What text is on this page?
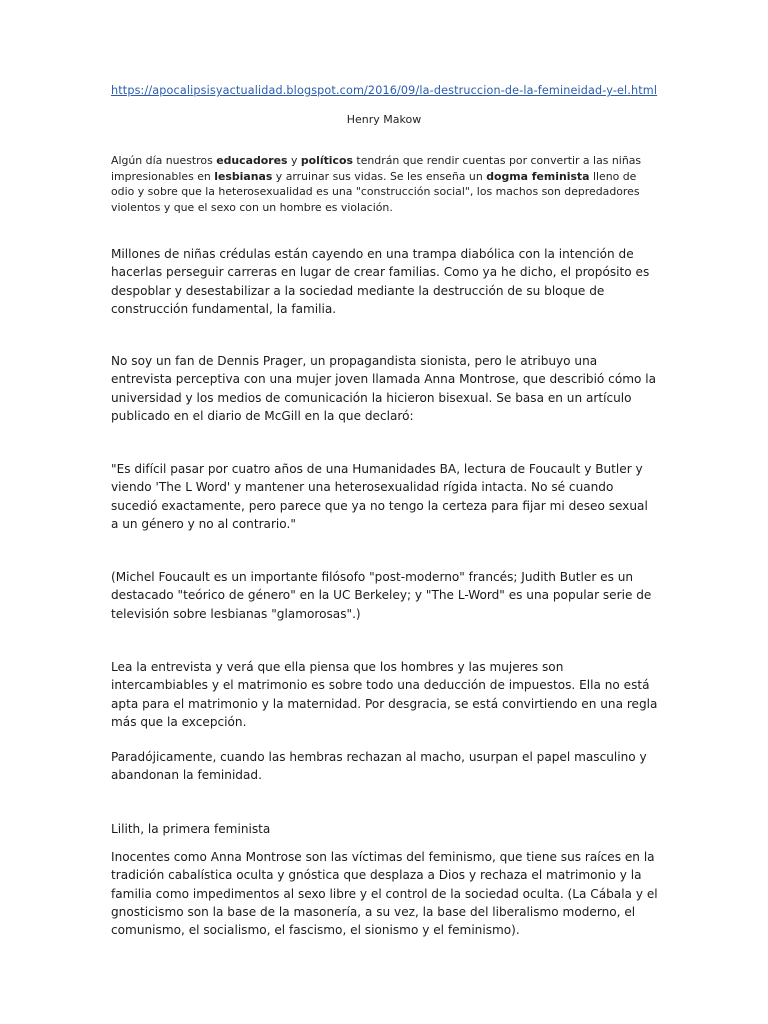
https://apocalipsisyactualidad.blogspot.com/2016/09/la-destruccion-de-la-femineidad-y-el.html
Henry Makow

Algún día nuestros educadores y políticos tendrán que rendir cuentas por convertir a las niñas impresionables en lesbianas y arruinar sus vidas. Se les enseña un dogma feminista lleno de odio y sobre que la heterosexualidad es una "construcción social", los machos son depredadores violentos y que el sexo con un hombre es violación.

Millones de niñas crédulas están cayendo en una trampa diabólica con la intención de hacerlas perseguir carreras en lugar de crear familias. Como ya he dicho, el propósito es despoblar y desestabilizar a la sociedad mediante la destrucción de su bloque de construcción fundamental, la familia.

No soy un fan de Dennis Prager, un propagandista sionista, pero le atribuyo una entrevista perceptiva con una mujer joven llamada Anna Montrose, que describió cómo la universidad y los medios de comunicación la hicieron bisexual. Se basa en un artículo publicado en el diario de McGill en la que declaró:

"Es difícil pasar por cuatro años de una Humanidades BA, lectura de Foucault y Butler y viendo 'The L Word' y mantener una heterosexualidad rígida intacta. No sé cuando sucedió exactamente, pero parece que ya no tengo la certeza para fijar mi deseo sexual a un género y no al contrario."

(Michel Foucault es un importante filósofo "post-moderno" francés; Judith Butler es un destacado "teórico de género" en la UC Berkeley; y "The L-Word" es una popular serie de televisión sobre lesbianas "glamorosas".)

Lea la entrevista y verá que ella piensa que los hombres y las mujeres son intercambiables y el matrimonio es sobre todo una deducción de impuestos. Ella no está apta para el matrimonio y la maternidad. Por desgracia, se está convirtiendo en una regla más que la excepción.

Paradójicamente, cuando las hembras rechazan al macho, usurpan el papel masculino y abandonan la feminidad.

Lilith, la primera feminista

Inocentes como Anna Montrose son las víctimas del feminismo, que tiene sus raíces en la tradición cabalística oculta y gnóstica que desplaza a Dios y rechaza el matrimonio y la familia como impedimentos al sexo libre y el control de la sociedad oculta. (La Cábala y el gnosticismo son la base de la masonería, a su vez, la base del liberalismo moderno, el comunismo, el socialismo, el fascismo, el sionismo y el feminismo).
